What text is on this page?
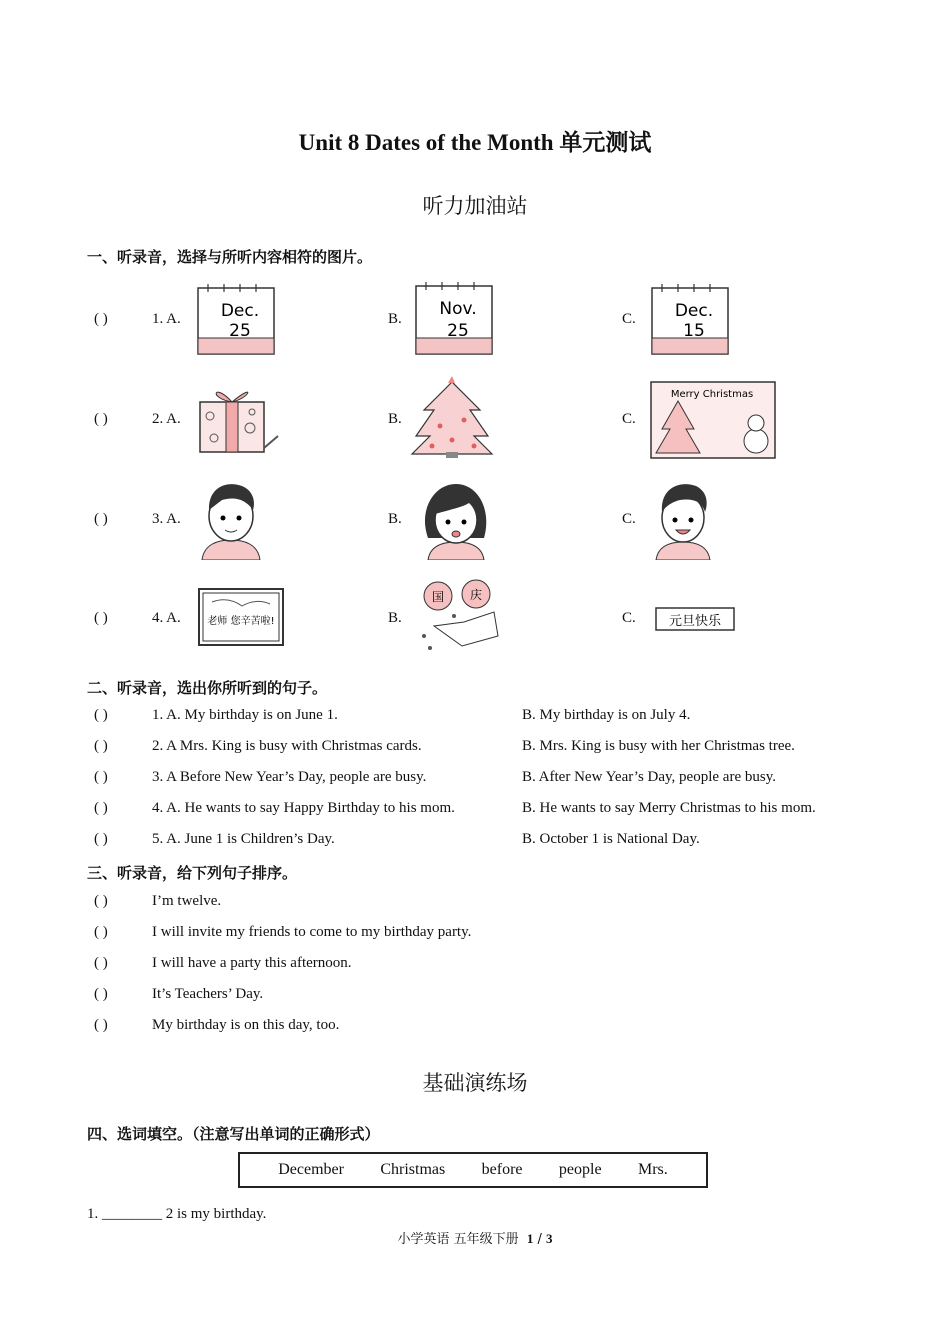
Unit 8 Dates of the Month 单元测试
听力加油站
一、听录音，选择与所听内容相符的图片。
( )	1. A.	B.	C.
Dec.
25
Nov.
25
Dec.
15
( )	2. A.	B.	C.
Merry Christmas
( )	3. A.	B.	C.
( )	4. A.	B.	C.
老师 您辛苦啦!
国 庆
元旦快乐
二、听录音，选出你所听到的句子。
( )	1. A. My birthday is on June 1.	B. My birthday is on July 4.
( )	2. A Mrs. King is busy with Christmas cards.	B. Mrs. King is busy with her Christmas tree.
( )	3. A Before New Year’s Day, people are busy.	B. After New Year’s Day, people are busy.
( )	4. A. He wants to say Happy Birthday to his mom.	B. He wants to say Merry Christmas to his mom.
( )	5. A. June 1 is Children’s Day.	B. October 1 is National Day.
三、听录音，给下列句子排序。
( )	I’m twelve.
( )	I will invite my friends to come to my birthday party.
( )	I will have a party this afternoon.
( )	It’s Teachers’ Day.
( )	My birthday is on this day, too.
基础演练场
四、选词填空。（注意写出单词的正确形式）
December Christmas before people Mrs.
1. ________ 2 is my birthday.
小学英语 五年级下册 1 / 3
